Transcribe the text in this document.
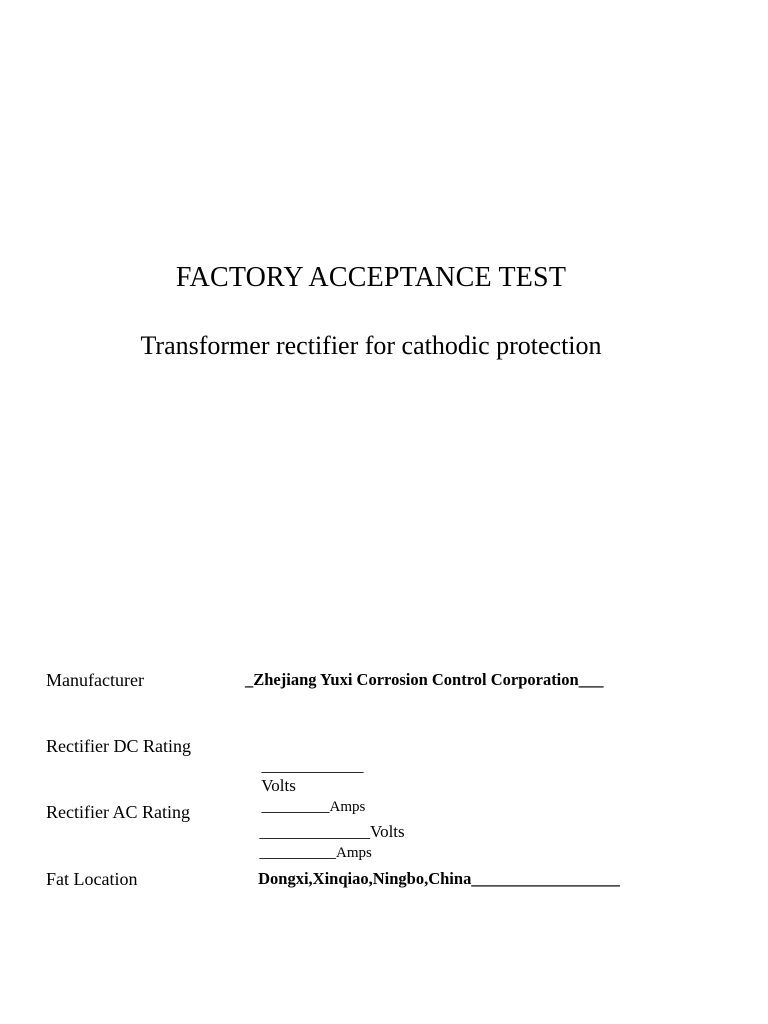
FACTORY ACCEPTANCE TEST

Transformer rectifier for cathodic protection

Manufacturer	_Zhejiang Yuxi Corrosion Control Corporation___
Rectifier DC Rating

____________
Volts
________Amps

Rectifier AC Rating

_____________Volts
_________Amps

Fat Location	Dongxi,Xinqiao,Ningbo,China__________________
